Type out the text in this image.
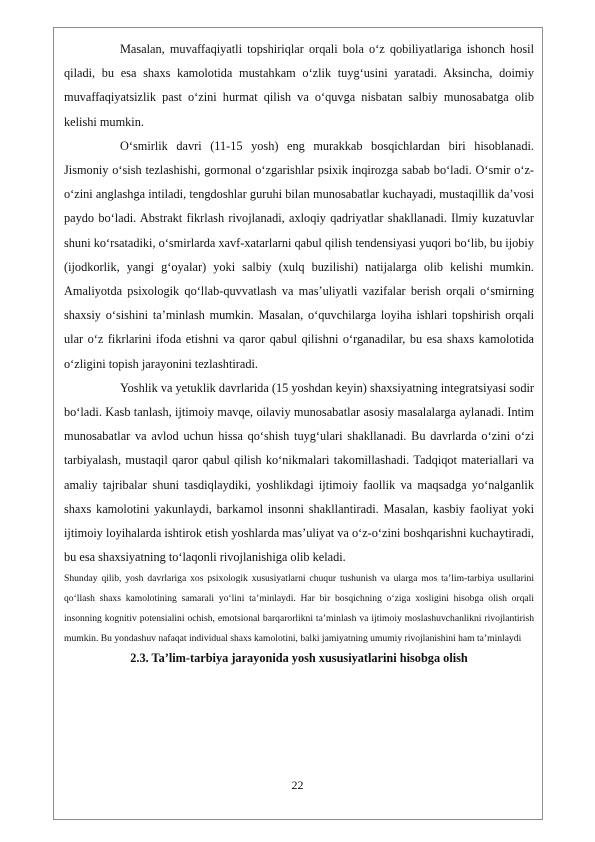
Masalan, muvaffaqiyatli topshiriqlar orqali bola o‘z qobiliyatlariga ishonch hosil qiladi, bu esa shaxs kamolotida mustahkam o‘zlik tuyg‘usini yaratadi. Aksincha, doimiy muvaffaqiyatsizlik past o‘zini hurmat qilish va o‘quvga nisbatan salbiy munosabatga olib kelishi mumkin.

O‘smirlik davri (11-15 yosh) eng murakkab bosqichlardan biri hisoblanadi. Jismoniy o‘sish tezlashishi, gormonal o‘zgarishlar psixik inqirozga sabab bo‘ladi. O‘smir o‘z-o‘zini anglashga intiladi, tengdoshlar guruhi bilan munosabatlar kuchayadi, mustaqillik da’vosi paydo bo‘ladi. Abstrakt fikrlash rivojlanadi, axloqiy qadriyatlar shakllanadi. Ilmiy kuzatuvlar shuni ko‘rsatadiki, o‘smirlarda xavf-xatarlarni qabul qilish tendensiyasi yuqori bo‘lib, bu ijobiy (ijodkorlik, yangi g‘oyalar) yoki salbiy (xulq buzilishi) natijalarga olib kelishi mumkin. Amaliyotda psixologik qo‘llab-quvvatlash va mas’uliyatli vazifalar berish orqali o‘smirning shaxsiy o‘sishini ta’minlash mumkin. Masalan, o‘quvchilarga loyiha ishlari topshirish orqali ular o‘z fikrlarini ifoda etishni va qaror qabul qilishni o‘rganadilar, bu esa shaxs kamolotida o‘zligini topish jarayonini tezlashtiradi.

Yoshlik va yetuklik davrlarida (15 yoshdan keyin) shaxsiyatning integratsiyasi sodir bo‘ladi. Kasb tanlash, ijtimoiy mavqe, oilaviy munosabatlar asosiy masalalarga aylanadi. Intim munosabatlar va avlod uchun hissa qo‘shish tuyg‘ulari shakllanadi. Bu davrlarda o‘zini o‘zi tarbiyalash, mustaqil qaror qabul qilish ko‘nikmalari takomillashadi. Tadqiqot materiallari va amaliy tajribalar shuni tasdiqlaydiki, yoshlikdagi ijtimoiy faollik va maqsadga yo‘nalganlik shaxs kamolotini yakunlaydi, barkamol insonni shakllantiradi. Masalan, kasbiy faoliyat yoki ijtimoiy loyihalarda ishtirok etish yoshlarda mas’uliyat va o‘z-o‘zini boshqarishni kuchaytiradi, bu esa shaxsiyatning to‘laqonli rivojlanishiga olib keladi.

Shunday qilib, yosh davrlariga xos psixologik xususiyatlarni chuqur tushunish va ularga mos ta’lim-tarbiya usullarini qo‘llash shaxs kamolotining samarali yo‘lini ta’minlaydi. Har bir bosqichning o‘ziga xosligini hisobga olish orqali insonning kognitiv potensialini ochish, emotsional barqarorlikni ta’minlash va ijtimoiy moslashuvchanlikni rivojlantirish mumkin. Bu yondashuv nafaqat individual shaxs kamolotini, balki jamiyatning umumiy rivojlanishini ham ta’minlaydi

2.3. Ta’lim-tarbiya jarayonida yosh xususiyatlarini hisobga olish

22
